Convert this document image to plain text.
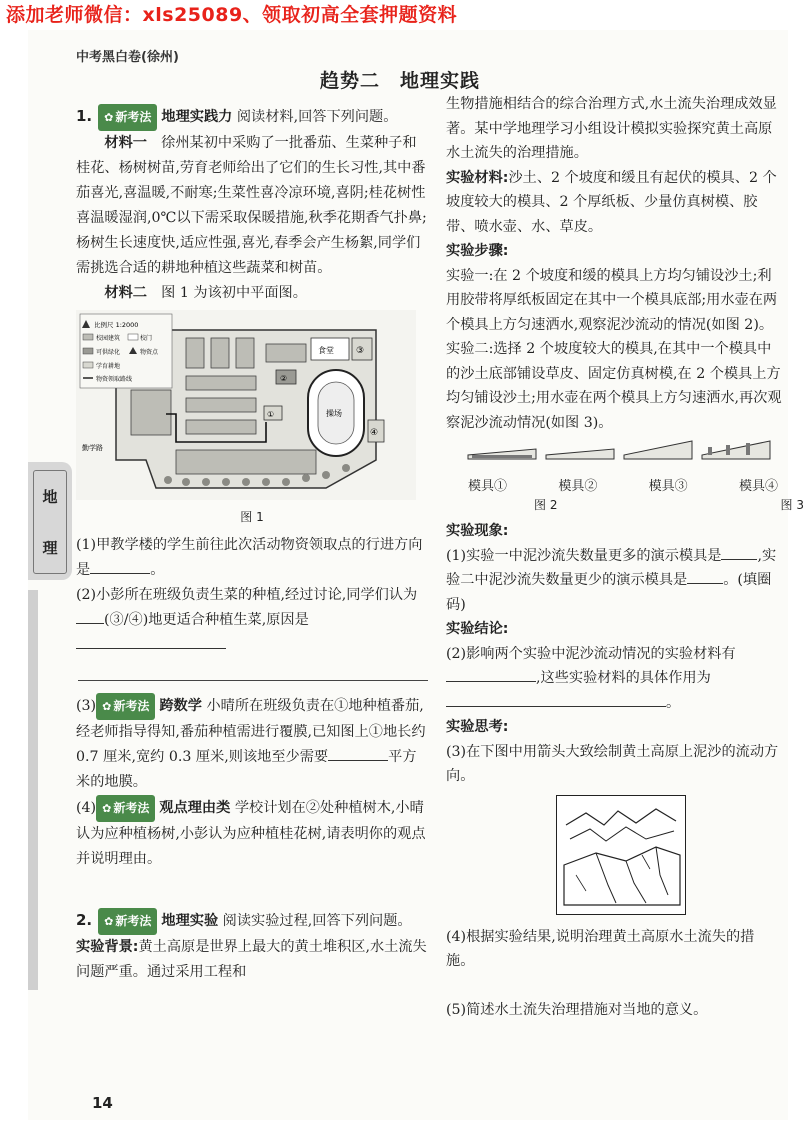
添加老师微信：xls25089、领取初高全套押题资料
中考黑白卷(徐州)
趋势二　地理实践
地
理

1. ✿ 新考法 地理实践力 阅读材料,回答下列问题。

材料一　 徐州某初中采购了一批番茄、生菜种子和桂花、杨树树苗,劳育老师给出了它们的生长习性,其中番茄喜光,喜温暖,不耐寒;生菜性喜冷凉环境,喜阴;桂花树性喜温暖湿润,0℃以下需采取保暖措施,秋季花期香气扑鼻;杨树生长速度快,适应性强,喜光,春季会产生杨絮,同学们需挑选合适的耕地种植这些蔬菜和树苗。

材料二　 图 1 为该初中平面图。

比例尺 1:2000
校园建筑	校门
可供绿化	物资点
学育耕地
物资领取路线
食堂 ③
操场
④
①
②
勤学路
图 1

(1)甲教学楼的学生前往此次活动物资领取点的行进方向是	。

(2)小彭所在班级负责生菜的种植,经过讨论,同学们认为(③/④)地更适合种植生菜,原因是

(3) ✿ 新考法 跨数学 小晴所在班级负责在①地种植番茄,经老师指导得知,番茄种植需进行覆膜,已知图上①地长约 0.7 厘米,宽约 0.3 厘米,则该地至少需要	平方米的地膜。

(4) ✿ 新考法 观点理由类 学校计划在②处种植树木,小晴认为应种植杨树,小彭认为应种植桂花树,请表明你的观点并说明理由。

2. ✿ 新考法 地理实验 阅读实验过程,回答下列问题。

实验背景:黄土高原是世界上最大的黄土堆积区,水土流失问题严重。通过采用工程和

生物措施相结合的综合治理方式,水土流失治理成效显著。某中学地理学习小组设计模拟实验探究黄土高原水土流失的治理措施。

实验材料:沙土、2 个坡度和缓且有起伏的模具、2 个坡度较大的模具、2 个厚纸板、少量仿真树模、胶带、喷水壶、水、草皮。

实验步骤:

实验一:在 2 个坡度和缓的模具上方均匀铺设沙土;利用胶带将厚纸板固定在其中一个模具底部;用水壶在两个模具上方匀速洒水,观察泥沙流动的情况(如图 2)。

实验二:选择 2 个坡度较大的模具,在其中一个模具中的沙土底部铺设草皮、固定仿真树模,在 2 个模具上方均匀铺设沙土;用水壶在两个模具上方匀速洒水,再次观察泥沙流动情况(如图 3)。

模具①	模具②	模具③	模具④
图 2	图 3

实验现象:

(1)实验一中泥沙流失数量更多的演示模具是	,实验二中泥沙流失数量更少的演示模具是	。(填圈码)

实验结论:

(2)影响两个实验中泥沙流动情况的实验材料有,这些实验材料的具体作用为。

实验思考:

(3)在下图中用箭头大致绘制黄土高原上泥沙的流动方向。

(4)根据实验结果,说明治理黄土高原水土流失的措施。

(5)简述水土流失治理措施对当地的意义。

14
